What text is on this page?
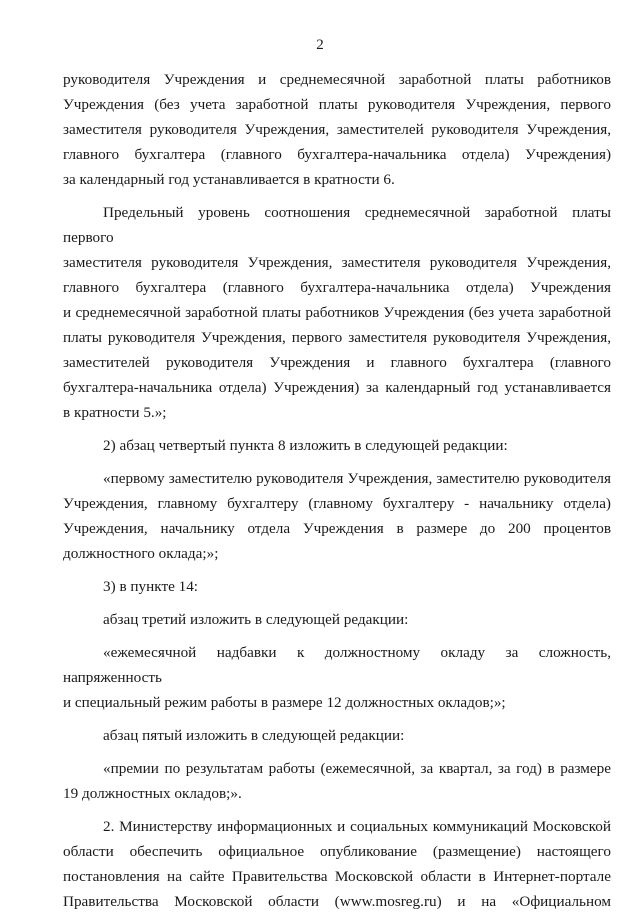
2
руководителя Учреждения и среднемесячной заработной платы работников
Учреждения (без учета заработной платы руководителя Учреждения, первого
заместителя руководителя Учреждения, заместителей руководителя Учреждения,
главного бухгалтера (главного бухгалтера-начальника отдела) Учреждения)
за календарный год устанавливается в кратности 6.
Предельный уровень соотношения среднемесячной заработной платы первого
заместителя руководителя Учреждения, заместителя руководителя Учреждения,
главного бухгалтера (главного бухгалтера-начальника отдела) Учреждения
и среднемесячной заработной платы работников Учреждения (без учета заработной
платы руководителя Учреждения, первого заместителя руководителя Учреждения,
заместителей руководителя Учреждения и главного бухгалтера (главного
бухгалтера-начальника отдела) Учреждения) за календарный год устанавливается
в кратности 5.»;
2) абзац четвертый пункта 8 изложить в следующей редакции:
«первому заместителю руководителя Учреждения, заместителю руководителя
Учреждения, главному бухгалтеру (главному бухгалтеру - начальнику отдела)
Учреждения, начальнику отдела Учреждения в размере до 200 процентов
должностного оклада;»;
3) в пункте 14:
абзац третий изложить в следующей редакции:
«ежемесячной надбавки к должностному окладу за сложность, напряженность
и специальный режим работы в размере 12 должностных окладов;»;
абзац пятый изложить в следующей редакции:
«премии по результатам работы (ежемесячной, за квартал, за год) в размере
19 должностных окладов;».
2. Министерству информационных и социальных коммуникаций Московской
области обеспечить официальное опубликование (размещение) настоящего
постановления на сайте Правительства Московской области в Интернет-портале
Правительства Московской области (www.mosreg.ru) и на «Официальном
